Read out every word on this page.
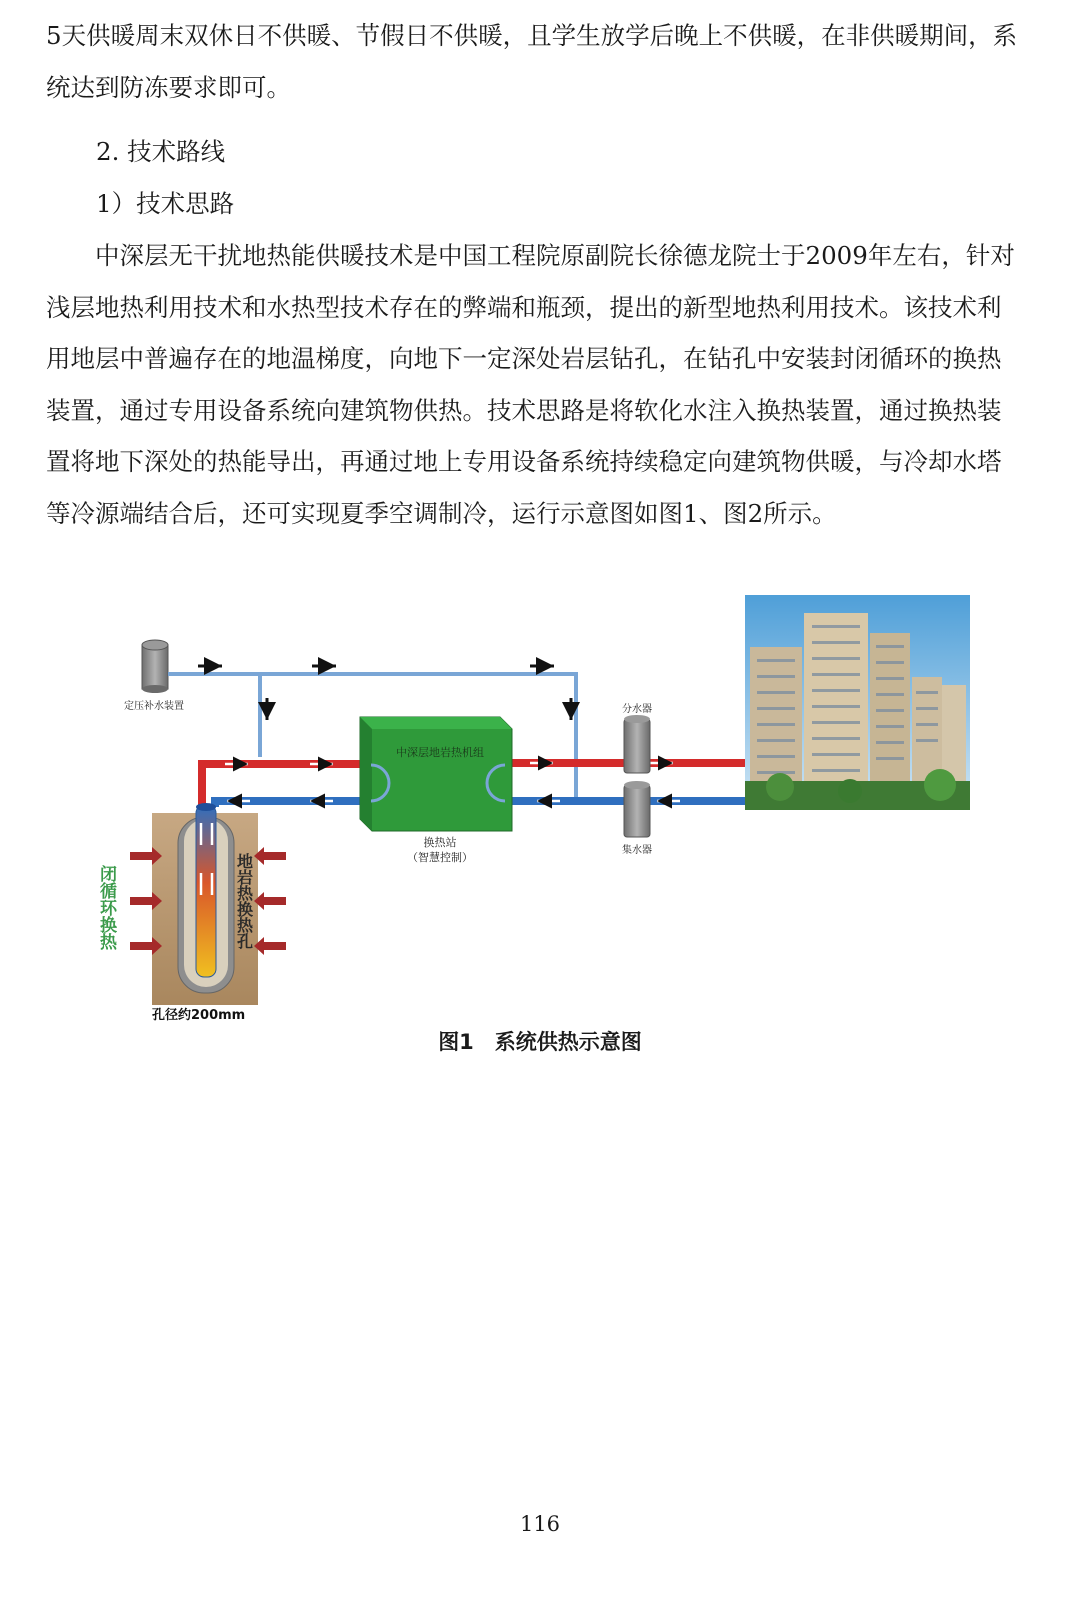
5天供暖周末双休日不供暖、节假日不供暖，且学生放学后晚上不供暖，在非供暖期间，系统达到防冻要求即可。

2. 技术路线

1）技术思路

中深层无干扰地热能供暖技术是中国工程院原副院长徐德龙院士于2009年左右，针对浅层地热利用技术和水热型技术存在的弊端和瓶颈，提出的新型地热利用技术。该技术利用地层中普遍存在的地温梯度，向地下一定深处岩层钻孔，在钻孔中安装封闭循环的换热装置，通过专用设备系统向建筑物供热。技术思路是将软化水注入换热装置，通过换热装置将地下深处的热能导出，再通过地上专用设备系统持续稳定向建筑物供暖，与冷却水塔等冷源端结合后，还可实现夏季空调制冷，运行示意图如图1、图2所示。

中深层地岩热机组
定压补水装置
换热站
（智慧控制）
分水器
集水器
闭循环换热	地岩热换热孔
孔径约200mm
图1　系统供热示意图
116
